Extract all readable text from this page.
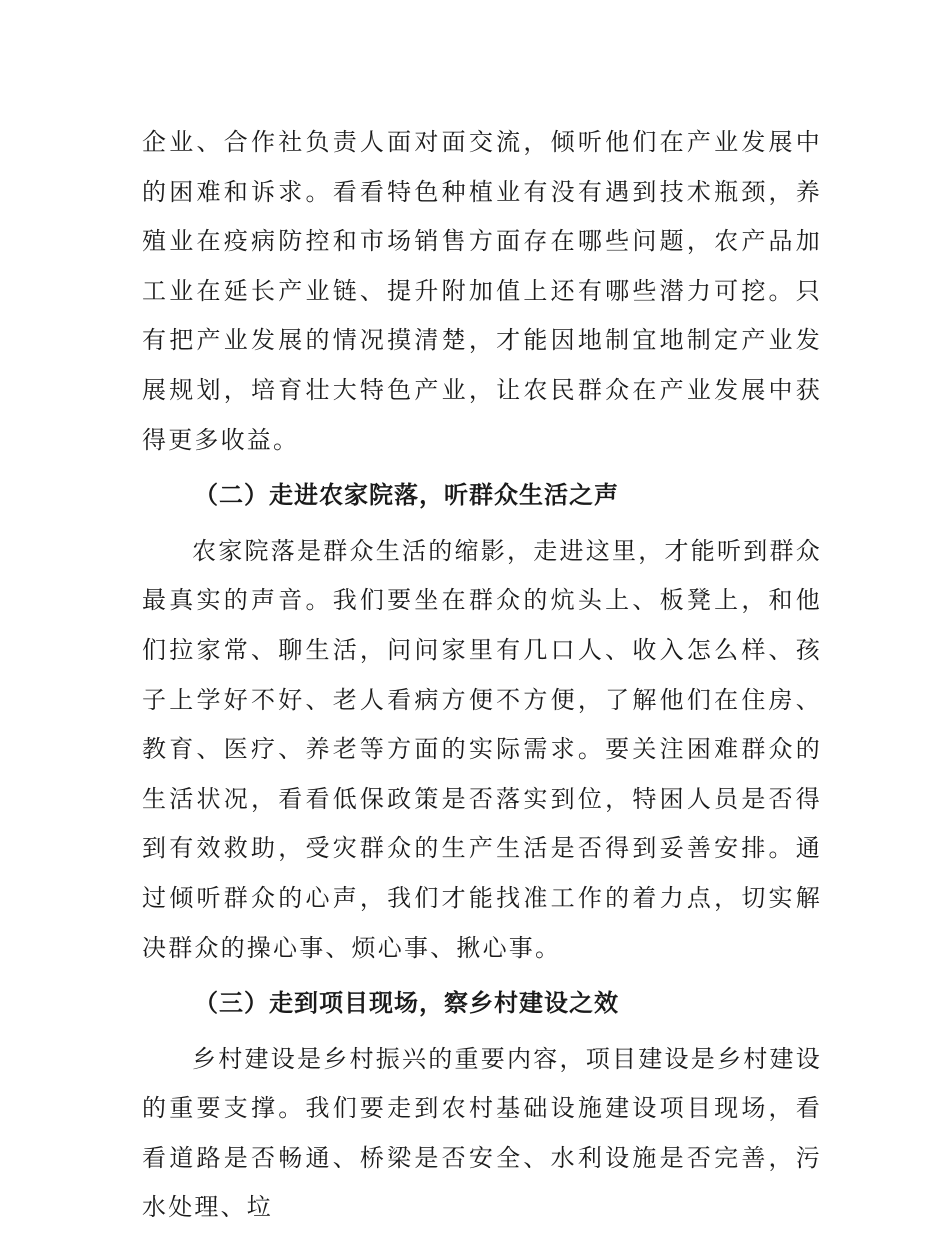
企业、合作社负责人面对面交流，倾听他们在产业发展中的困难和诉求。看看特色种植业有没有遇到技术瓶颈，养殖业在疫病防控和市场销售方面存在哪些问题，农产品加工业在延长产业链、提升附加值上还有哪些潜力可挖。只有把产业发展的情况摸清楚，才能因地制宜地制定产业发展规划，培育壮大特色产业，让农民群众在产业发展中获得更多收益。

（二）走进农家院落，听群众生活之声

农家院落是群众生活的缩影，走进这里，才能听到群众最真实的声音。我们要坐在群众的炕头上、板凳上，和他们拉家常、聊生活，问问家里有几口人、收入怎么样、孩子上学好不好、老人看病方便不方便，了解他们在住房、教育、医疗、养老等方面的实际需求。要关注困难群众的生活状况，看看低保政策是否落实到位，特困人员是否得到有效救助，受灾群众的生产生活是否得到妥善安排。通过倾听群众的心声，我们才能找准工作的着力点，切实解决群众的操心事、烦心事、揪心事。

（三）走到项目现场，察乡村建设之效

乡村建设是乡村振兴的重要内容，项目建设是乡村建设的重要支撑。我们要走到农村基础设施建设项目现场，看看道路是否畅通、桥梁是否安全、水利设施是否完善，污水处理、垃
